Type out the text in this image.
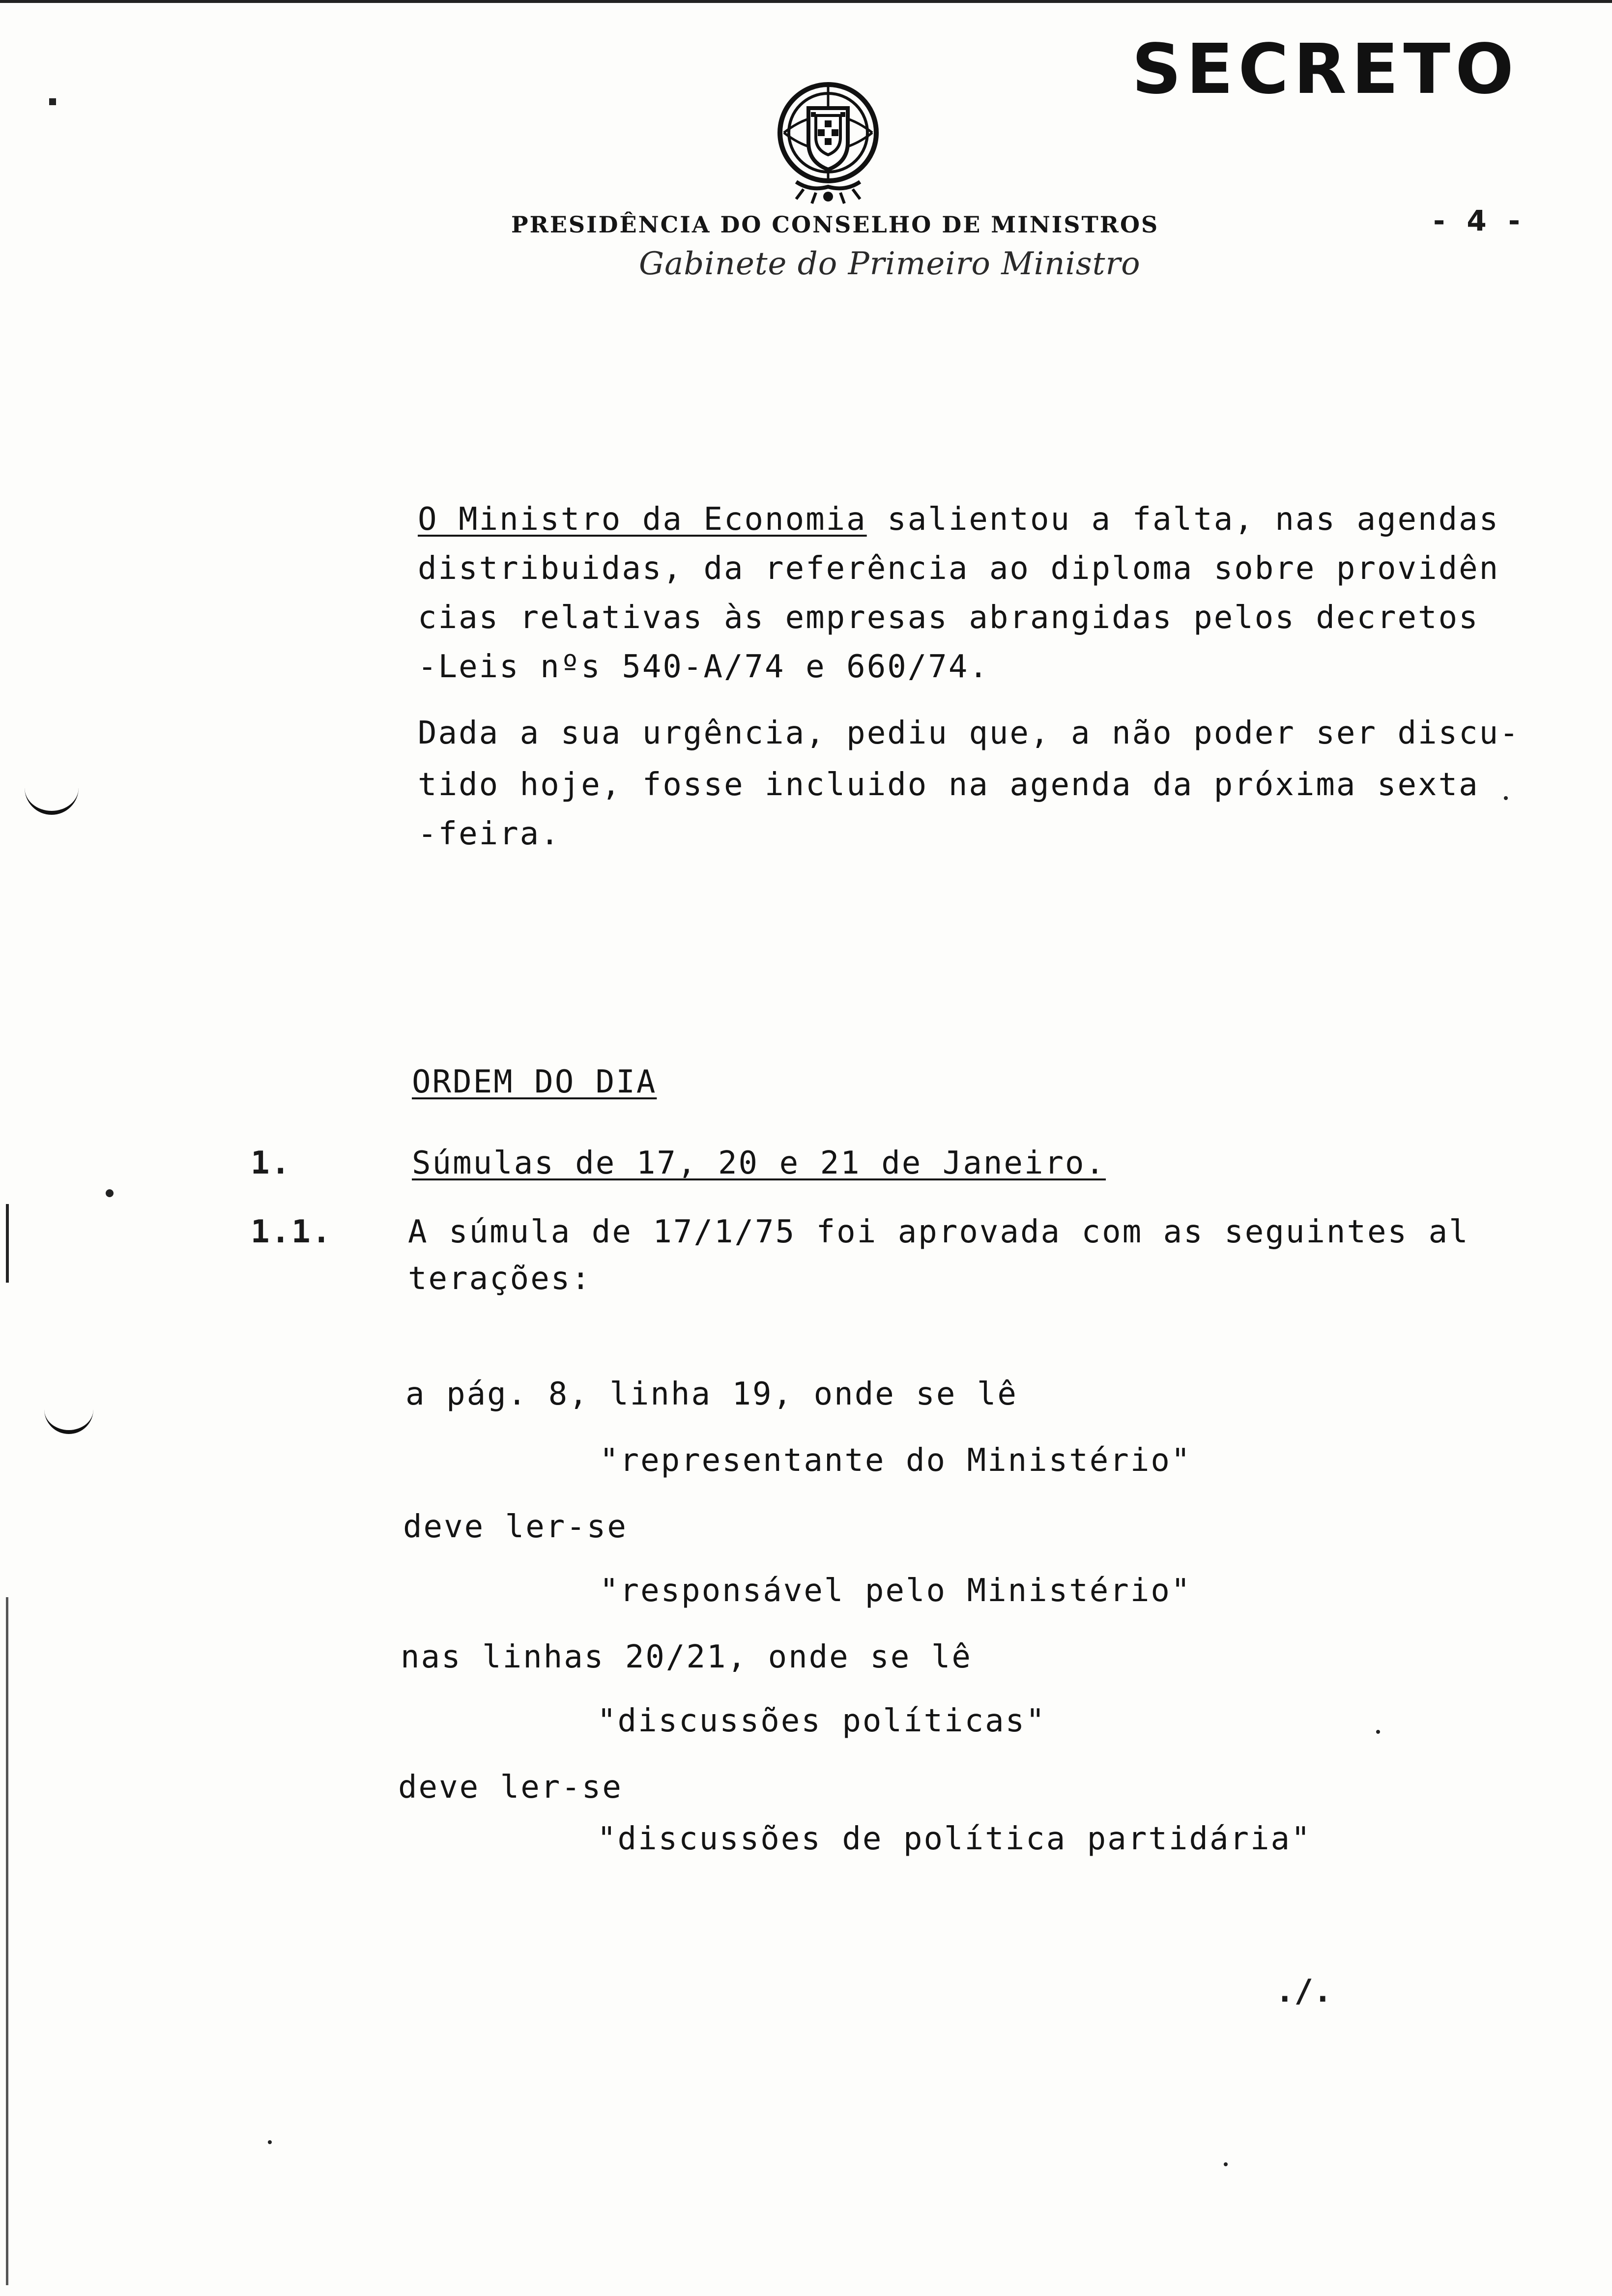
SECRETO
PRESIDÊNCIA DO CONSELHO DE MINISTROS	- 4 -
Gabinete do Primeiro Ministro
O Ministro da Economia salientou a falta, nas agendas
distribuidas, da referência ao diploma sobre providên
cias relativas às empresas abrangidas pelos decretos
-Leis nºs 540-A/74 e 660/74.
Dada a sua urgência, pediu que, a não poder ser discu-
tido hoje, fosse incluido na agenda da próxima sexta
-feira.
ORDEM DO DIA
1.	Súmulas de 17, 20 e 21 de Janeiro.
1.1. A súmula de 17/1/75 foi aprovada com as seguintes al
terações:
a pág. 8, linha 19, onde se lê
"representante do Ministério"
deve ler-se
"responsável pelo Ministério"
nas linhas 20/21, onde se lê
"discussões políticas"
deve ler-se
"discussões de política partidária"
./.
